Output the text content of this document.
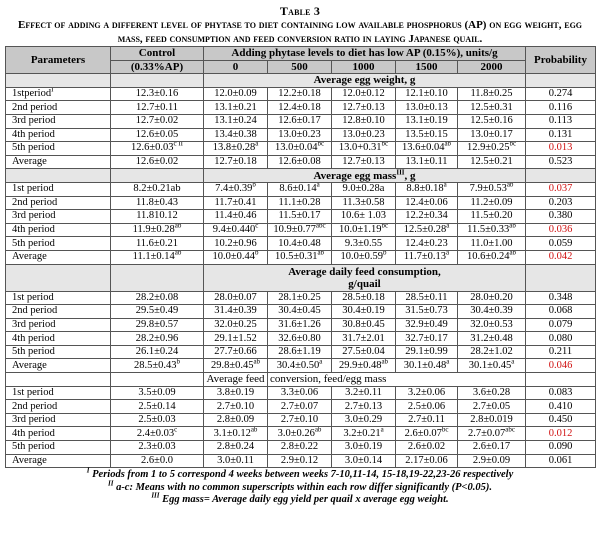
Table 3
Effect of adding a different level of phytase to diet containing low available phosphorus (AP) on egg weight, egg mass, feed consumption and feed conversion ratio in laying Japanese quail.
Parameters	Control	Adding phytase levels to diet has low AP (0.15%), units/g					Probability
	(0.33%AP)	0	500	1000	1500	2000	
		Average egg weight, g					
1stperiod$^I$	12.3±0.16	12.0±0.09	12.2±0.18	12.0±0.12	12.1±0.10	11.8±0.25	0.274
2nd period	12.7±0.11	13.1±0.21	12.4±0.18	12.7±0.13	13.0±0.13	12.5±0.31	0.116
3rd period	12.7±0.02	13.1±0.24	12.6±0.17	12.8±0.10	13.1±0.19	12.5±0.16	0.113
4th period	12.6±0.05	13.4±0.38	13.0±0.23	13.0±0.23	13.5±0.15	13.0±0.17	0.131
5th period	$12.6\pm 0.03^{c II}$	13.8±0.28$^a$	13.0±0.04$^{bc}$	13.0+0.31$^{bc}$	13.6±0.04$^{ab}$	12.9±0.25$^{bc}$	0.013
Average	12.6±0.02	12.7±0.18	12.6±0.08	12.7±0.13	13.1±0.11	12.5±0.21	0.523
		Average egg mass$^{III}$, g					
1st period	8.2±0.21ab	7.4±0.39$^b$	8.6±0.14$^a$	9.0±0.28a	8.8±0.18$^a$	7.9±0.53$^{ab}$	0.037
2nd period	11.8±0.43	11.7±0.41	11.1±0.28	11.3±0.58	12.4±0.06	11.2±0.09	0.203
3rd period	11.810.12	11.4±0.46	11.5±0.17	10.6± 1.03	12.2±0.34	11.5±0.20	0.380
4th period	11.9±0.28$^{ab}$	9.4±0.440$^c$	10.9±0.77$^{abc}$	10.0±1.19$^{bc}$	12.5±0.28$^a$	11.5±0.33$^{ab}$	0.036
5th period	11.6±0.21	10.2±0.96	10.4±0.48	9.3±0.55	12.4±0.23	11.0±1.00	0.059
Average	11.1±0.14$^{ab}$	10.0±0.44$^b$	10.5±0.31$^{ab}$	10.0±0.59$^b$	11.7±0.13$^a$	10.6±0.24$^{ab}$	0.042
		Average daily feed consumption,
g/quail					
1st period	28.2±0.08	28.0±0.07	28.1±0.25	28.5±0.18	28.5±0.11	28.0±0.20	0.348
2nd period	29.5±0.49	31.4±0.39	30.4±0.45	30.4±0.19	31.5±0.73	30.4±0.39	0.068
3rd period	29.8±0.57	32.0±0.25	31.6±1.26	30.8±0.45	32.9±0.49	32.0±0.53	0.079
4th period	28.2±0.96	29.1±1.52	32.6±0.80	31.7±2.01	32.7±0.17	31.2±0.48	0.080
5th period	26.1±0.24	27.7±0.66	28.6±1.19	27.5±0.04	29.1±0.99	28.2±1.02	0.211
Average	28.5±0.43$^b$	29.8±0.45$^{ab}$	30.4±0.50$^a$	29.9±0.48$^{ab}$	30.1±0.48$^a$	30.1±0.45$^a$	0.046
		Average feed	conversion, feed/egg mass				
1st period	3.5±0.09	3.8±0.19	3.3±0.06	3.2±0.11	3.2±0.06	3.6±0.28	0.083
2nd period	2.5±0.14	2.7±0.10	2.7±0.07	2.7±0.13	2.5±0.06	2.7±0.05	0.410
3rd period	2.5±0.03	2.8±0.09	2.7±0.10	3.0±0.29	2.7±0.11	2.8±0.019	0.450
4th period	2.4±0.03$^c$	3.1±0.12$^{ab}$	3.0±0.26$^{ab}$	3.2±0.21$^a$	2.6±0.07$^{bc}$	2.7±0.07$^{abc}$	0.012
5th period	2.3±0.03	2.8±0.24	2.8±0.22	3.0±0.19	2.6±0.02	2.6±0.17	0.090
Average	2.6±0.0	3.0±0.11	2.9±0.12	3.0±0.14	2.17±0.06	2.9±0.09	0.061
$^I$ Periods from 1 to 5 correspond 4 weeks between weeks 7-10,11-14, 15-18,19-22,23-26 respectively
$^{II}$ a-c: Means with no common superscripts within each row differ significantly (P<0.05).
$^{III}$ Egg mass= Average daily egg yield per quail x average egg weight.
